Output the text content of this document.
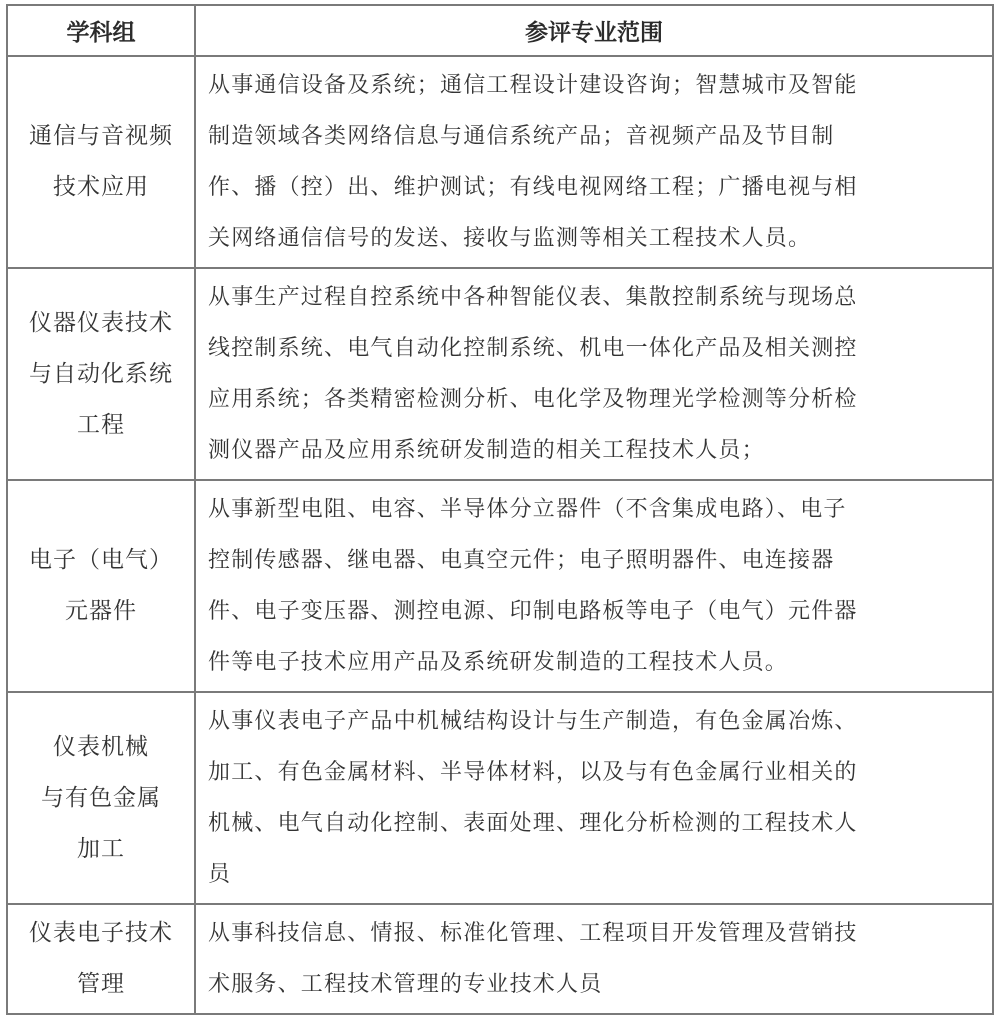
学科组	参评专业范围

通信与音视频
技术应用	从事通信设备及系统；通信工程设计建设咨询；智慧城市及智能
制造领域各类网络信息与通信系统产品；音视频产品及节目制
作、播（控）出、维护测试；有线电视网络工程；广播电视与相
关网络通信信号的发送、接收与监测等相关工程技术人员。

仪器仪表技术
与自动化系统
工程	从事生产过程自控系统中各种智能仪表、集散控制系统与现场总
线控制系统、电气自动化控制系统、机电一体化产品及相关测控
应用系统；各类精密检测分析、电化学及物理光学检测等分析检
测仪器产品及应用系统研发制造的相关工程技术人员；

电子（电气）
元器件	从事新型电阻、电容、半导体分立器件（不含集成电路）、电子
控制传感器、继电器、电真空元件；电子照明器件、电连接器
件、电子变压器、测控电源、印制电路板等电子（电气）元件器
件等电子技术应用产品及系统研发制造的工程技术人员。

仪表机械
与有色金属
加工	从事仪表电子产品中机械结构设计与生产制造，有色金属冶炼、
加工、有色金属材料、半导体材料，以及与有色金属行业相关的
机械、电气自动化控制、表面处理、理化分析检测的工程技术人
员

仪表电子技术
管理	从事科技信息、情报、标准化管理、工程项目开发管理及营销技
术服务、工程技术管理的专业技术人员
